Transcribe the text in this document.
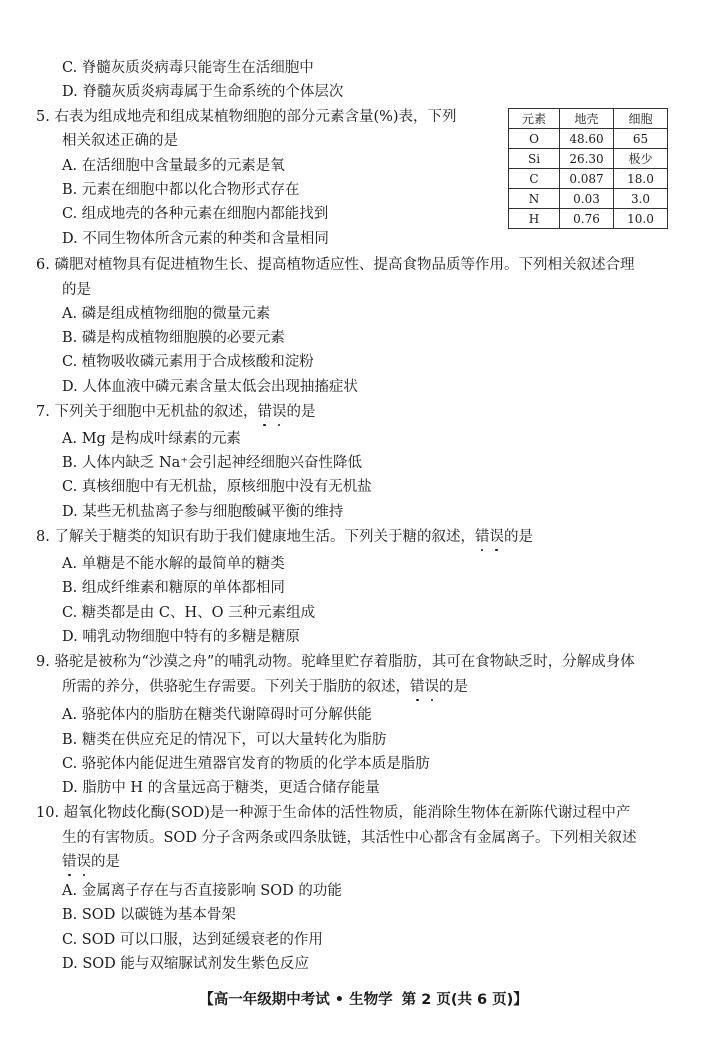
C. 脊髓灰质炎病毒只能寄生在活细胞中
D. 脊髓灰质炎病毒属于生命系统的个体层次
5. 右表为组成地壳和组成某植物细胞的部分元素含量(%)表，下列
相关叙述正确的是
A. 在活细胞中含量最多的元素是氧
B. 元素在细胞中都以化合物形式存在
C. 组成地壳的各种元素在细胞内都能找到
D. 不同生物体所含元素的种类和含量相同
元素	地壳	细胞
O	48.60	65
Si	26.30	极少
C	0.087	18.0
N	0.03	3.0
H	0.76	10.0
6. 磷肥对植物具有促进植物生长、提高植物适应性、提高食物品质等作用。下列相关叙述合理
的是
A. 磷是组成植物细胞的微量元素
B. 磷是构成植物细胞膜的必要元素
C. 植物吸收磷元素用于合成核酸和淀粉
D. 人体血液中磷元素含量太低会出现抽搐症状
7. 下列关于细胞中无机盐的叙述，错误的是
A. Mg 是构成叶绿素的元素
B. 人体内缺乏 Na⁺会引起神经细胞兴奋性降低
C. 真核细胞中有无机盐，原核细胞中没有无机盐
D. 某些无机盐离子参与细胞酸碱平衡的维持
8. 了解关于糖类的知识有助于我们健康地生活。下列关于糖的叙述，错误的是
A. 单糖是不能水解的最简单的糖类
B. 组成纤维素和糖原的单体都相同
C. 糖类都是由 C、H、O 三种元素组成
D. 哺乳动物细胞中特有的多糖是糖原
9. 骆驼是被称为“沙漠之舟”的哺乳动物。驼峰里贮存着脂肪，其可在食物缺乏时，分解成身体
所需的养分，供骆驼生存需要。下列关于脂肪的叙述，错误的是
A. 骆驼体内的脂肪在糖类代谢障碍时可分解供能
B. 糖类在供应充足的情况下，可以大量转化为脂肪
C. 骆驼体内能促进生殖器官发育的物质的化学本质是脂肪
D. 脂肪中 H 的含量远高于糖类，更适合储存能量
10. 超氧化物歧化酶(SOD)是一种源于生命体的活性物质，能消除生物体在新陈代谢过程中产
生的有害物质。SOD 分子含两条或四条肽链，其活性中心都含有金属离子。下列相关叙述
错误的是
A. 金属离子存在与否直接影响 SOD 的功能
B. SOD 以碳链为基本骨架
C. SOD 可以口服，达到延缓衰老的作用
D. SOD 能与双缩脲试剂发生紫色反应
【高一年级期中考试 • 生物学 第 2 页(共 6 页)】
